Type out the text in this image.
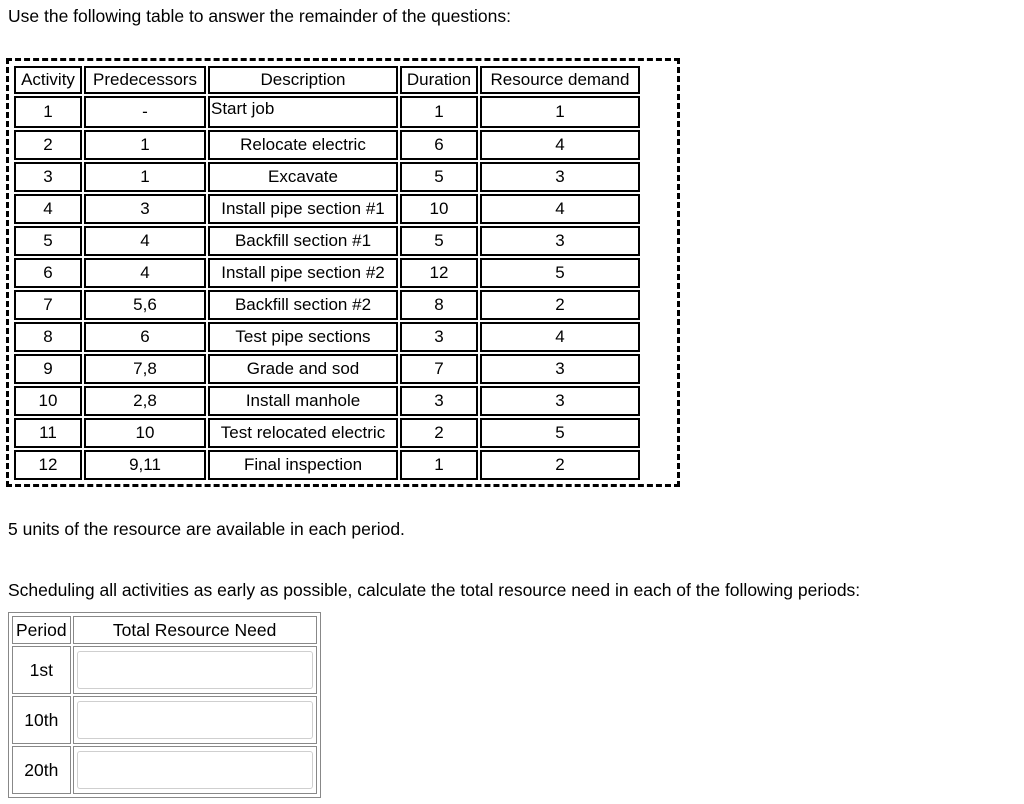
Use the following table to answer the remainder of the questions:

Activity	Predecessors	Description	Duration	Resource demand
1	-	Start job	1	1
2	1	Relocate electric	6	4
3	1	Excavate	5	3
4	3	Install pipe section #1	10	4
5	4	Backfill section #1	5	3
6	4	Install pipe section #2	12	5
7	5,6	Backfill section #2	8	2
8	6	Test pipe sections	3	4
9	7,8	Grade and sod	7	3
10	2,8	Install manhole	3	3
11	10	Test relocated electric	2	5
12	9,11	Final inspection	1	2

5 units of the resource are available in each period.

Scheduling all activities as early as possible, calculate the total resource need in each of the following periods:

Period	Total Resource Need
1st	
10th	
20th	
